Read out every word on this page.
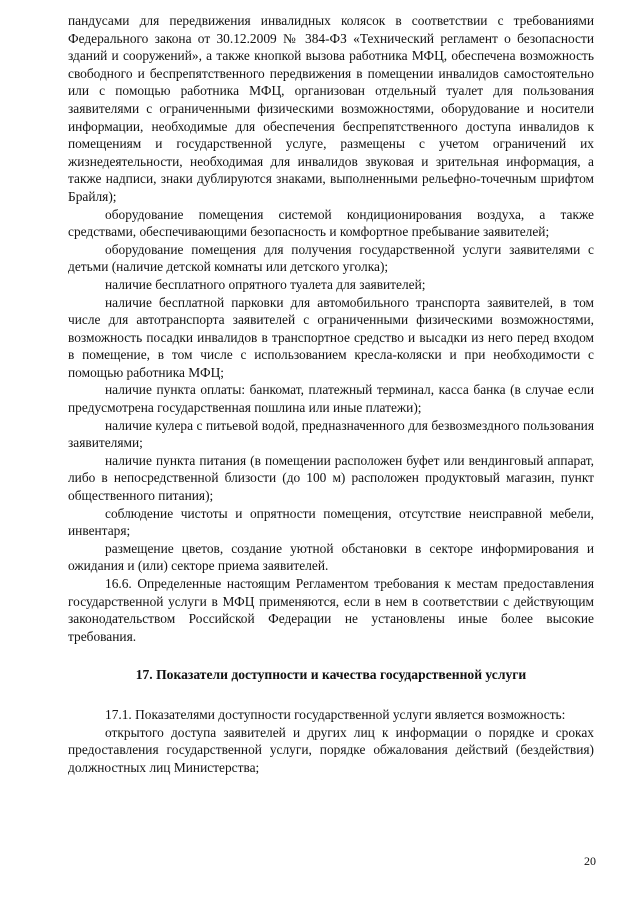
пандусами для передвижения инвалидных колясок в соответствии с требованиями Федерального закона от 30.12.2009 № 384-ФЗ «Технический регламент о безопасности зданий и сооружений», а также кнопкой вызова работника МФЦ, обеспечена возможность свободного и беспрепятственного передвижения в помещении инвалидов самостоятельно или с помощью работника МФЦ, организован отдельный туалет для пользования заявителями с ограниченными физическими возможностями, оборудование и носители информации, необходимые для обеспечения беспрепятственного доступа инвалидов к помещениям и государственной услуге, размещены с учетом ограничений их жизнедеятельности, необходимая для инвалидов звуковая и зрительная информация, а также надписи, знаки дублируются знаками, выполненными рельефно-точечным шрифтом Брайля);

оборудование помещения системой кондиционирования воздуха, а также средствами, обеспечивающими безопасность и комфортное пребывание заявителей;

оборудование помещения для получения государственной услуги заявителями с детьми (наличие детской комнаты или детского уголка);

наличие бесплатного опрятного туалета для заявителей;

наличие бесплатной парковки для автомобильного транспорта заявителей, в том числе для автотранспорта заявителей с ограниченными физическими возможностями, возможность посадки инвалидов в транспортное средство и высадки из него перед входом в помещение, в том числе с использованием кресла-коляски и при необходимости с помощью работника МФЦ;

наличие пункта оплаты: банкомат, платежный терминал, касса банка (в случае если предусмотрена государственная пошлина или иные платежи);

наличие кулера с питьевой водой, предназначенного для безвозмездного пользования заявителями;

наличие пункта питания (в помещении расположен буфет или вендинговый аппарат, либо в непосредственной близости (до 100 м) расположен продуктовый магазин, пункт общественного питания);

соблюдение чистоты и опрятности помещения, отсутствие неисправной мебели, инвентаря;

размещение цветов, создание уютной обстановки в секторе информирования и ожидания и (или) секторе приема заявителей.

16.6. Определенные настоящим Регламентом требования к местам предоставления государственной услуги в МФЦ применяются, если в нем в соответствии с действующим законодательством Российской Федерации не установлены иные более высокие требования.

17. Показатели доступности и качества государственной услуги

17.1. Показателями доступности государственной услуги является возможность:

открытого доступа заявителей и других лиц к информации о порядке и сроках предоставления государственной услуги, порядке обжалования действий (бездействия) должностных лиц Министерства;

20
